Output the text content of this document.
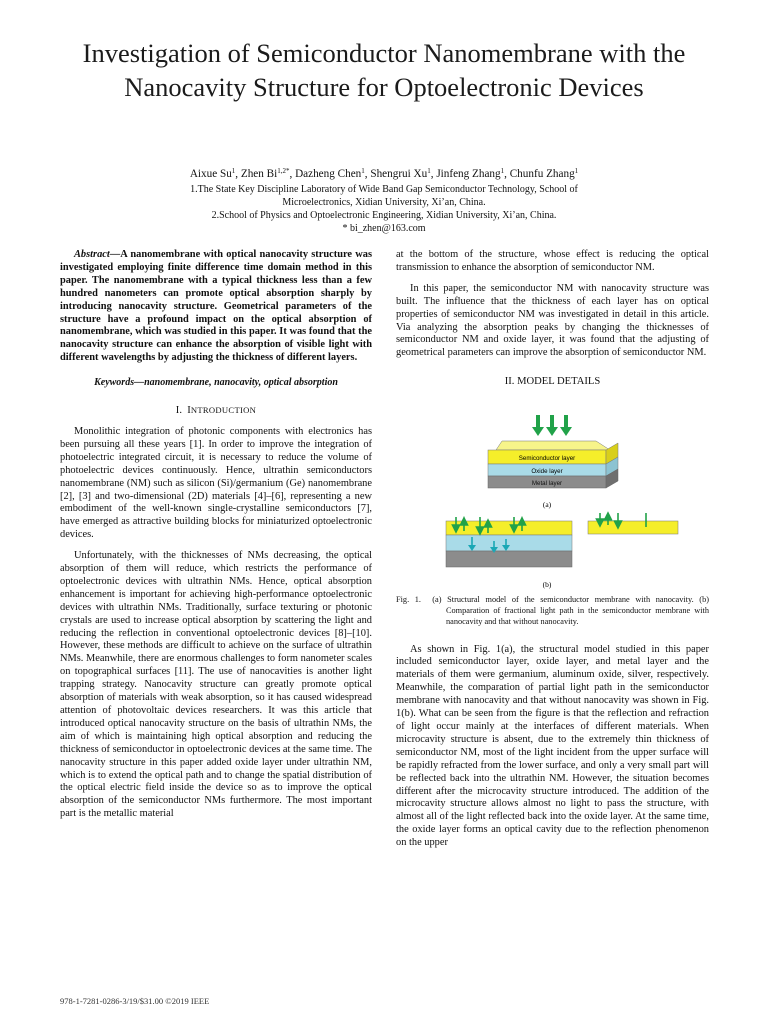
Investigation of Semiconductor Nanomembrane with the Nanocavity Structure for Optoelectronic Devices
Aixue Su$^1$, Zhen $Bi^{1,2*}$, Dazheng Chen$^1$, Shengrui Xu$^1$, Jinfeng Zhang$^1$, Chunfu Zhang$^1$
1.The State Key Discipline Laboratory of Wide Band Gap Semiconductor Technology, School of
Microelectronics, Xidian University, Xi’an, China.
2.School of Physics and Optoelectronic Engineering, Xidian University, Xi’an, China.
* bi_zhen@163.com

Abstract—A nanomembrane with optical nanocavity structure was investigated employing finite difference time domain method in this paper. The nanomembrane with a typical thickness less than a few hundred nanometers can promote optical absorption sharply by introducing nanocavity structure. Geometrical parameters of the structure have a profound impact on the optical absorption of nanomembrane, which was studied in this paper. It was found that the nanocavity structure can enhance the absorption of visible light with different wavelengths by adjusting the thickness of different layers.

Keywords—nanomembrane, nanocavity, optical absorption

I. INTRODUCTION

Monolithic integration of photonic components with electronics has been pursuing all these years [1]. In order to improve the integration of photoelectric integrated circuit, it is necessary to reduce the volume of photoelectric devices continuously. Hence, ultrathin semiconductors nanomembrane (NM) such as silicon (Si)/germanium (Ge) nanomembrane [2], [3] and two-dimensional (2D) materials [4]–[6], representing a new embodiment of the well-known single-crystalline semiconductors [7], have emerged as attractive building blocks for miniaturized optoelectronic devices.

Unfortunately, with the thicknesses of NMs decreasing, the optical absorption of them will reduce, which restricts the performance of optoelectronic devices with ultrathin NMs. Hence, optical absorption enhancement is important for achieving high-performance optoelectronic devices with ultrathin NMs. Traditionally, surface texturing or photonic crystals are used to increase optical absorption by scattering the light and reducing the reflection in conventional optoelectronic devices [8]–[10]. However, these methods are difficult to achieve on the surface of ultrathin NMs. Meanwhile, there are enormous challenges to form nanometer scales on topographical surfaces [11]. The use of nanocavities is another light trapping strategy. Nanocavity structure can greatly promote optical absorption of materials with weak absorption, so it has caused widespread attention of photovoltaic devices researchers. It was this article that introduced optical nanocavity structure on the basis of ultrathin NMs, the aim of which is maintaining high optical absorption and reducing the thickness of semiconductor in optoelectronic devices at the same time. The nanocavity structure in this paper added oxide layer under ultrathin NM, which is to extend the optical path and to change the spatial distribution of the optical electric field inside the device so as to improve the optical absorption of the semiconductor NMs furthermore. The most important part is the metallic material

at the bottom of the structure, whose effect is reducing the optical transmission to enhance the absorption of semiconductor NM.

In this paper, the semiconductor NM with nanocavity structure was built. The influence that the thickness of each layer has on optical properties of semiconductor NM was investigated in detail in this article. Via analyzing the absorption peaks by changing the thicknesses of semiconductor NM and oxide layer, it was found that the adjusting of geometrical parameters can improve the absorption of semiconductor NM.

II. MODEL DETAILS

Semiconductor layer
Oxide layer
Metal layer
(a)
(b)

Fig. 1. (a) Structural model of the semiconductor membrane with nanocavity. (b) Comparation of fractional light path in the semiconductor membrane with nanocavity and that without nanocavity.

As shown in Fig. 1(a), the structural model studied in this paper included semiconductor layer, oxide layer, and metal layer and the materials of them were germanium, aluminum oxide, silver, respectively. Meanwhile, the comparation of partial light path in the semiconductor membrane with nanocavity and that without nanocavity was shown in Fig. 1(b). What can be seen from the figure is that the reflection and refraction of light occur mainly at the interfaces of different materials. When microcavity structure is absent, due to the extremely thin thickness of semiconductor NM, most of the light incident from the upper surface will be rapidly refracted from the lower surface, and only a very small part will be reflected back into the ultrathin NM. However, the situation becomes different after the microcavity structure introduced. The addition of the microcavity structure allows almost no light to pass the structure, with almost all of the light reflected back into the oxide layer. At the same time, the oxide layer forms an optical cavity due to the reflection phenomenon on the upper

978-1-7281-0286-3/19/$31.00 ©2019 IEEE
